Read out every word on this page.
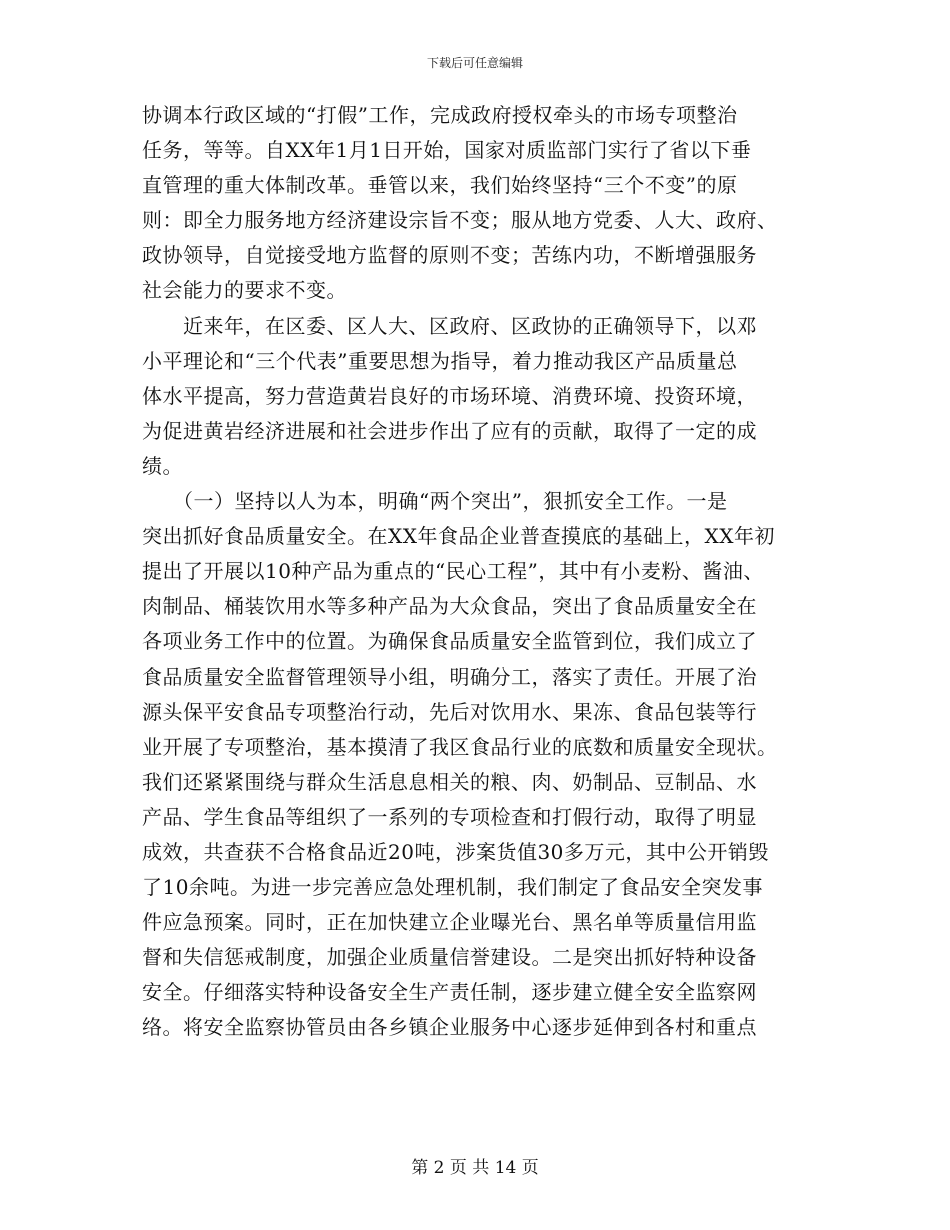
下载后可任意编辑
协调本行政区域的“打假”工作，完成政府授权牵头的市场专项整治
任务，等等。自XX年1月1日开始，国家对质监部门实行了省以下垂
直管理的重大体制改革。垂管以来，我们始终坚持“三个不变”的原
则：即全力服务地方经济建设宗旨不变；服从地方党委、人大、政府、
政协领导，自觉接受地方监督的原则不变；苦练内功，不断增强服务
社会能力的要求不变。
　　近来年，在区委、区人大、区政府、区政协的正确领导下，以邓
小平理论和“三个代表”重要思想为指导，着力推动我区产品质量总
体水平提高，努力营造黄岩良好的市场环境、消费环境、投资环境，
为促进黄岩经济进展和社会进步作出了应有的贡献，取得了一定的成
绩。
　　（一）坚持以人为本，明确“两个突出”，狠抓安全工作。一是
突出抓好食品质量安全。在XX年食品企业普查摸底的基础上，XX年初
提出了开展以10种产品为重点的“民心工程”，其中有小麦粉、酱油、
肉制品、桶装饮用水等多种产品为大众食品，突出了食品质量安全在
各项业务工作中的位置。为确保食品质量安全监管到位，我们成立了
食品质量安全监督管理领导小组，明确分工，落实了责任。开展了治
源头保平安食品专项整治行动，先后对饮用水、果冻、食品包装等行
业开展了专项整治，基本摸清了我区食品行业的底数和质量安全现状。
我们还紧紧围绕与群众生活息息相关的粮、肉、奶制品、豆制品、水
产品、学生食品等组织了一系列的专项检查和打假行动，取得了明显
成效，共查获不合格食品近20吨，涉案货值30多万元，其中公开销毁
了10余吨。为进一步完善应急处理机制，我们制定了食品安全突发事
件应急预案。同时，正在加快建立企业曝光台、黑名单等质量信用监
督和失信惩戒制度，加强企业质量信誉建设。二是突出抓好特种设备
安全。仔细落实特种设备安全生产责任制，逐步建立健全安全监察网
络。将安全监察协管员由各乡镇企业服务中心逐步延伸到各村和重点
第 2 页 共 14 页
